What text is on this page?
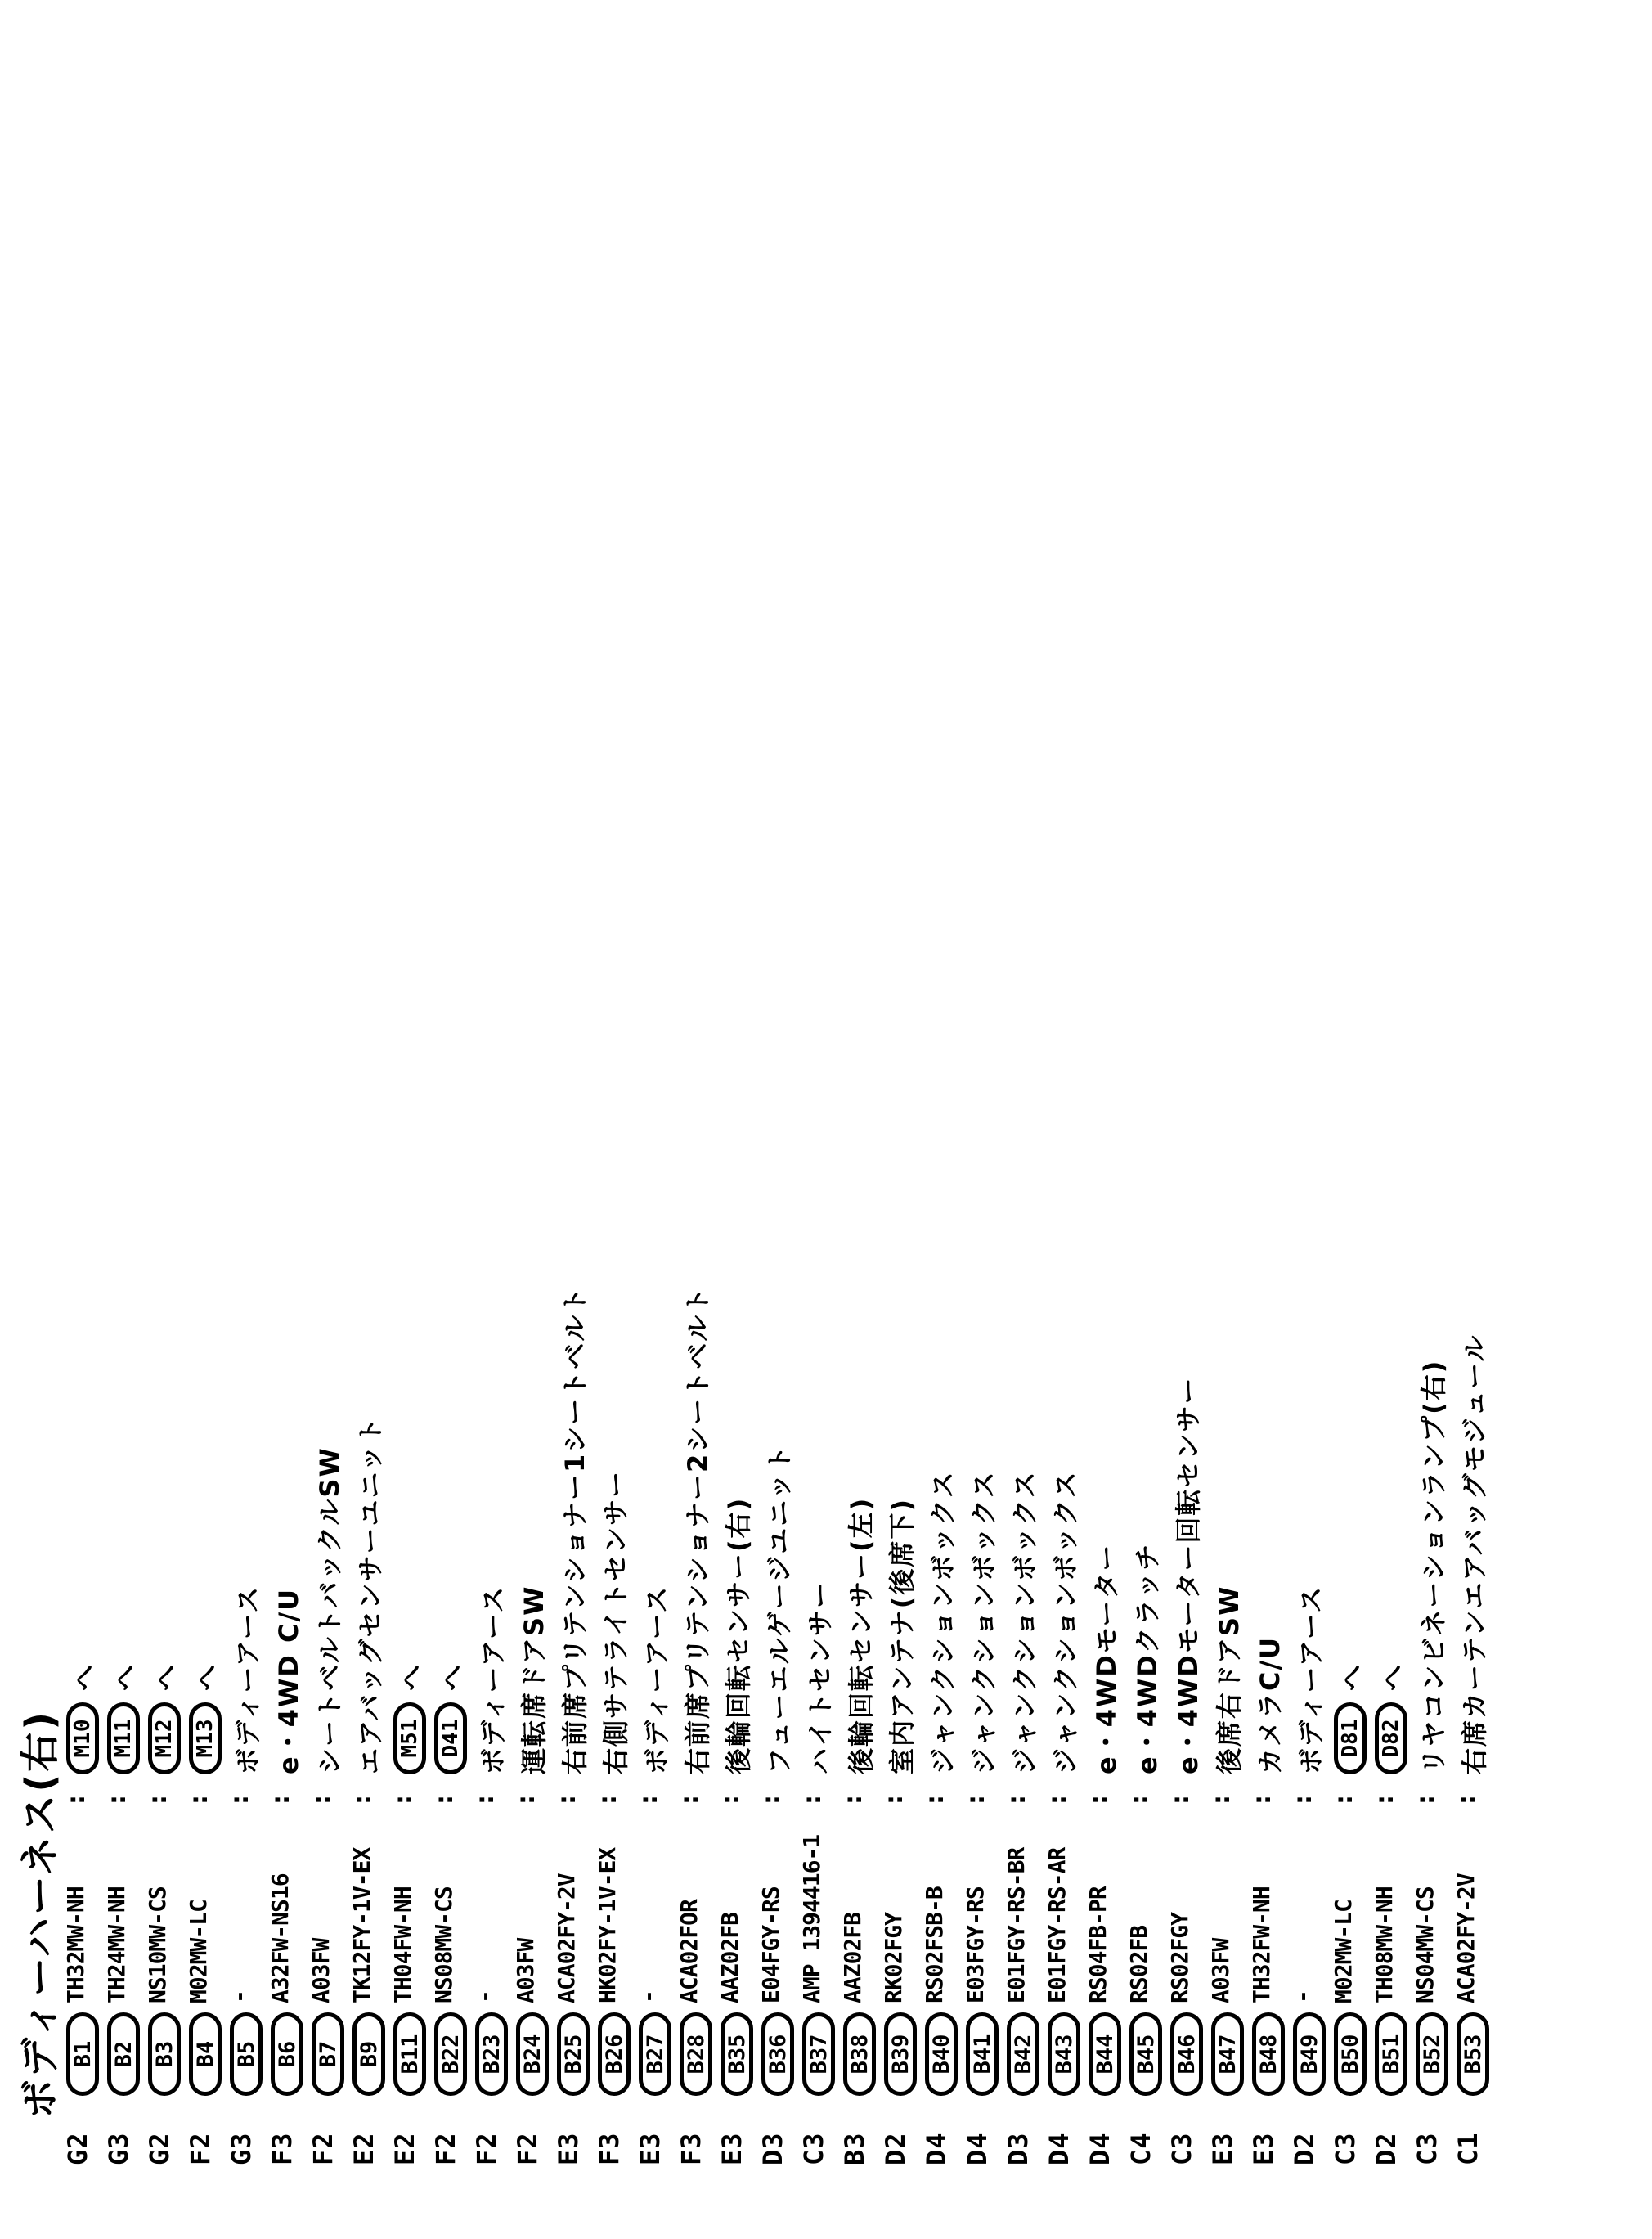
ボディーハーネス(右)
G2
B1
TH32MW-NH
:
M10
へ
G3
B2
TH24MW-NH
:
M11
へ
G2
B3
NS10MW-CS
:
M12
へ
F2
B4
M02MW-LC
:
M13
へ
G3
B5
-
:
ボディーアース
F3
B6
A32FW-NS16
:
e・4WD C/U
F2
B7
A03FW
:
シートベルトバックルSW
E2
B9
TK12FY-1V-EX
:
エアバッグセンサーユニット
E2
B11
TH04FW-NH
:
M51
へ
F2
B22
NS08MW-CS
:
D41
へ
F2
B23
-
:
ボディーアース
F2
B24
A03FW
:
運転席ドアSW
E3
B25
ACA02FY-2V
:
右前席プリテンショナー1シートベルト
F3
B26
HK02FY-1V-EX
:
右側サテライトセンサー
E3
B27
-
:
ボディーアース
F3
B28
ACA02FOR
:
右前席プリテンショナー2シートベルト
E3
B35
AAZ02FB
:
後輪回転センサー(右)
D3
B36
E04FGY-RS
:
フューエルゲージユニット
C3
B37
AMP 1394416-1
:
ハイトセンサー
B3
B38
AAZ02FB
:
後輪回転センサー(左)
D2
B39
RK02FGY
:
室内アンテナ(後席下)
D4
B40
RS02FSB-B
:
ジャンクションボックス
D4
B41
E03FGY-RS
:
ジャンクションボックス
D3
B42
E01FGY-RS-BR
:
ジャンクションボックス
D4
B43
E01FGY-RS-AR
:
ジャンクションボックス
D4
B44
RS04FB-PR
:
e・4WDモーター
C4
B45
RS02FB
:
e・4WDクラッチ
C3
B46
RS02FGY
:
e・4WDモーター回転センサー
E3
B47
A03FW
:
後席右ドアSW
E3
B48
TH32FW-NH
:
カメラC/U
D2
B49
-
:
ボディーアース
C3
B50
M02MW-LC
:
D81
へ
D2
B51
TH08MW-NH
:
D82
へ
C3
B52
NS04MW-CS
:
リヤコンビネーションランプ(右)
C1
B53
ACA02FY-2V
:
右席カーテンエアバッグモジュール
